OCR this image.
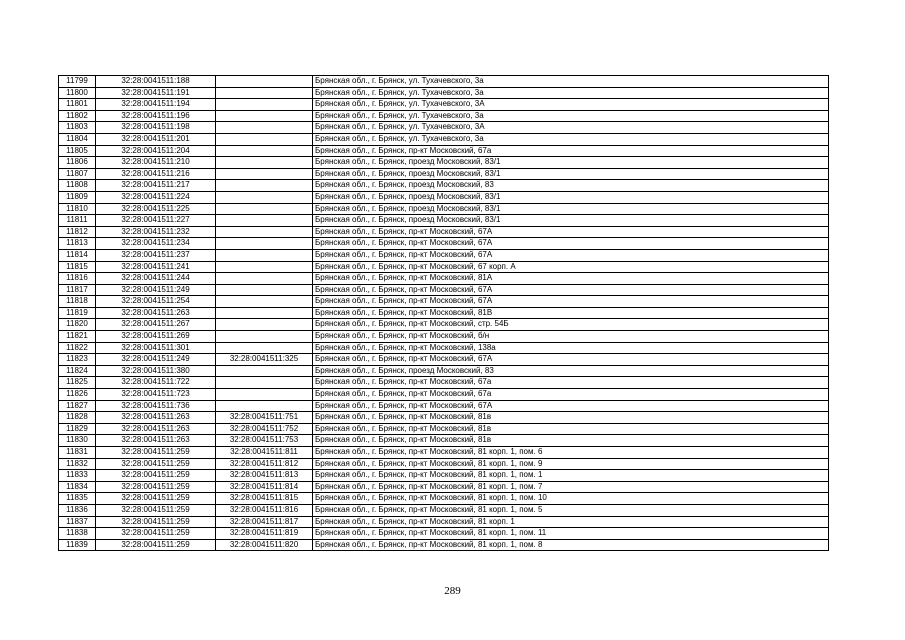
11799	32:28:0041511:188		Брянская обл., г. Брянск, ул. Тухачевского, 3а
11800	32:28:0041511:191		Брянская обл., г. Брянск, ул. Тухачевского, 3а
11801	32:28:0041511:194		Брянская обл., г. Брянск, ул. Тухачевского, 3А
11802	32:28:0041511:196		Брянская обл., г. Брянск, ул. Тухачевского, 3а
11803	32:28:0041511:198		Брянская обл., г. Брянск, ул. Тухачевского, 3А
11804	32:28:0041511:201		Брянская обл., г. Брянск, ул. Тухачевского, 3а
11805	32:28:0041511:204		Брянская обл., г. Брянск, пр-кт Московский, 67а
11806	32:28:0041511:210		Брянская обл., г. Брянск, проезд Московский, 83/1
11807	32:28:0041511:216		Брянская обл., г. Брянск, проезд Московский, 83/1
11808	32:28:0041511:217		Брянская обл., г. Брянск, проезд Московский, 83
11809	32:28:0041511:224		Брянская обл., г. Брянск, проезд Московский, 83/1
11810	32:28:0041511:225		Брянская обл., г. Брянск, проезд Московский, 83/1
11811	32:28:0041511:227		Брянская обл., г. Брянск, проезд Московский, 83/1
11812	32:28:0041511:232		Брянская обл., г. Брянск, пр-кт Московский, 67А
11813	32:28:0041511:234		Брянская обл., г. Брянск, пр-кт Московский, 67А
11814	32:28:0041511:237		Брянская обл., г. Брянск, пр-кт Московский, 67А
11815	32:28:0041511:241		Брянская обл., г. Брянск, пр-кт Московский, 67 корп. А
11816	32:28:0041511:244		Брянская обл., г. Брянск, пр-кт Московский, 81А
11817	32:28:0041511:249		Брянская обл., г. Брянск, пр-кт Московский, 67А
11818	32:28:0041511:254		Брянская обл., г. Брянск, пр-кт Московский, 67А
11819	32:28:0041511:263		Брянская обл., г. Брянск, пр-кт Московский, 81В
11820	32:28:0041511:267		Брянская обл., г. Брянск, пр-кт Московский, стр. 54Б
11821	32:28:0041511:269		Брянская обл., г. Брянск, пр-кт Московский, б/н
11822	32:28:0041511:301		Брянская обл., г. Брянск, пр-кт Московский, 138а
11823	32:28:0041511:249	32:28:0041511:325	Брянская обл., г. Брянск, пр-кт Московский, 67А
11824	32:28:0041511:380		Брянская обл., г. Брянск, проезд Московский, 83
11825	32:28:0041511:722		Брянская обл., г. Брянск, пр-кт Московский, 67а
11826	32:28:0041511:723		Брянская обл., г. Брянск, пр-кт Московский, 67а
11827	32:28:0041511:736		Брянская обл., г. Брянск, пр-кт Московский, 67А
11828	32:28:0041511:263	32:28:0041511:751	Брянская обл., г. Брянск, пр-кт Московский, 81в
11829	32:28:0041511:263	32:28:0041511:752	Брянская обл., г. Брянск, пр-кт Московский, 81в
11830	32:28:0041511:263	32:28:0041511:753	Брянская обл., г. Брянск, пр-кт Московский, 81в
11831	32:28:0041511:259	32:28:0041511:811	Брянская обл., г. Брянск, пр-кт Московский, 81 корп. 1, пом. 6
11832	32:28:0041511:259	32:28:0041511:812	Брянская обл., г. Брянск, пр-кт Московский, 81 корп. 1, пом. 9
11833	32:28:0041511:259	32:28:0041511:813	Брянская обл., г. Брянск, пр-кт Московский, 81 корп. 1, пом. 1
11834	32:28:0041511:259	32:28:0041511:814	Брянская обл., г. Брянск, пр-кт Московский, 81 корп. 1, пом. 7
11835	32:28:0041511:259	32:28:0041511:815	Брянская обл., г. Брянск, пр-кт Московский, 81 корп. 1, пом. 10
11836	32:28:0041511:259	32:28:0041511:816	Брянская обл., г. Брянск, пр-кт Московский, 81 корп. 1, пом. 5
11837	32:28:0041511:259	32:28:0041511:817	Брянская обл., г. Брянск, пр-кт Московский, 81 корп. 1
11838	32:28:0041511:259	32:28:0041511:819	Брянская обл., г. Брянск, пр-кт Московский, 81 корп. 1, пом. 11
11839	32:28:0041511:259	32:28:0041511:820	Брянская обл., г. Брянск, пр-кт Московский, 81 корп. 1, пом. 8
289
